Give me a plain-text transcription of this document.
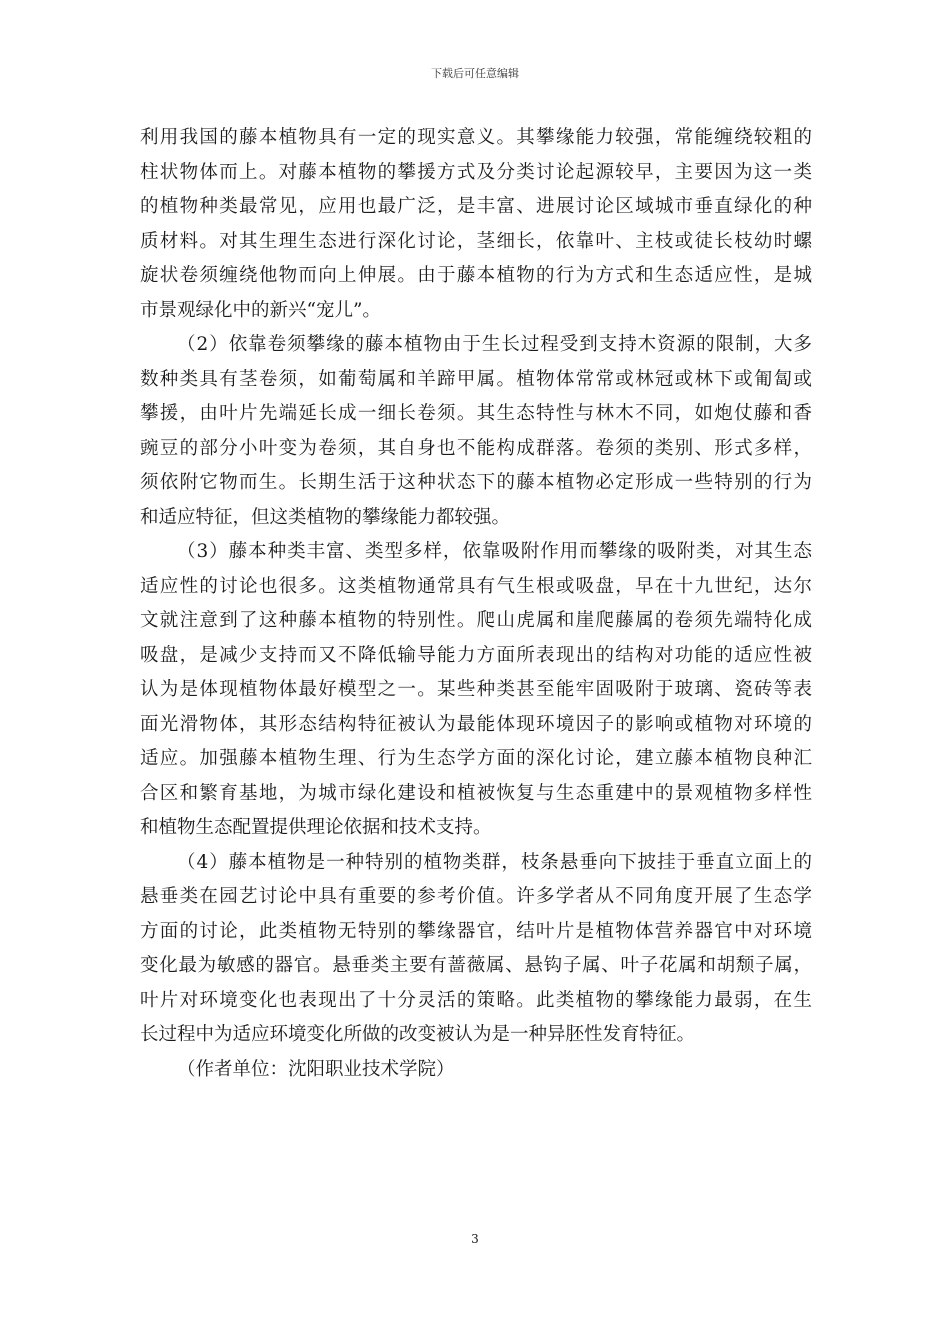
下载后可任意编辑

利用我国的藤本植物具有一定的现实意义。其攀缘能力较强，常能缠绕较粗的
柱状物体而上。对藤本植物的攀援方式及分类讨论起源较早，主要因为这一类
的植物种类最常见，应用也最广泛，是丰富、进展讨论区域城市垂直绿化的种
质材料。对其生理生态进行深化讨论，茎细长，依靠叶、主枝或徒长枝幼时螺
旋状卷须缠绕他物而向上伸展。由于藤本植物的行为方式和生态适应性，是城
市景观绿化中的新兴“宠儿”。

（2）依靠卷须攀缘的藤本植物由于生长过程受到支持木资源的限制，大多
数种类具有茎卷须，如葡萄属和羊蹄甲属。植物体常常或林冠或林下或匍匐或
攀援，由叶片先端延长成一细长卷须。其生态特性与林木不同，如炮仗藤和香
豌豆的部分小叶变为卷须，其自身也不能构成群落。卷须的类别、形式多样，
须依附它物而生。长期生活于这种状态下的藤本植物必定形成一些特别的行为
和适应特征，但这类植物的攀缘能力都较强。

（3）藤本种类丰富、类型多样，依靠吸附作用而攀缘的吸附类，对其生态
适应性的讨论也很多。这类植物通常具有气生根或吸盘，早在十九世纪，达尔
文就注意到了这种藤本植物的特别性。爬山虎属和崖爬藤属的卷须先端特化成
吸盘，是减少支持而又不降低输导能力方面所表现出的结构对功能的适应性被
认为是体现植物体最好模型之一。某些种类甚至能牢固吸附于玻璃、瓷砖等表
面光滑物体，其形态结构特征被认为最能体现环境因子的影响或植物对环境的
适应。加强藤本植物生理、行为生态学方面的深化讨论，建立藤本植物良种汇
合区和繁育基地，为城市绿化建设和植被恢复与生态重建中的景观植物多样性
和植物生态配置提供理论依据和技术支持。

（4）藤本植物是一种特别的植物类群，枝条悬垂向下披挂于垂直立面上的
悬垂类在园艺讨论中具有重要的参考价值。许多学者从不同角度开展了生态学
方面的讨论，此类植物无特别的攀缘器官，结叶片是植物体营养器官中对环境
变化最为敏感的器官。悬垂类主要有蔷薇属、悬钩子属、叶子花属和胡颓子属，
叶片对环境变化也表现出了十分灵活的策略。此类植物的攀缘能力最弱，在生
长过程中为适应环境变化所做的改变被认为是一种异胚性发育特征。

（作者单位：沈阳职业技术学院）

3
